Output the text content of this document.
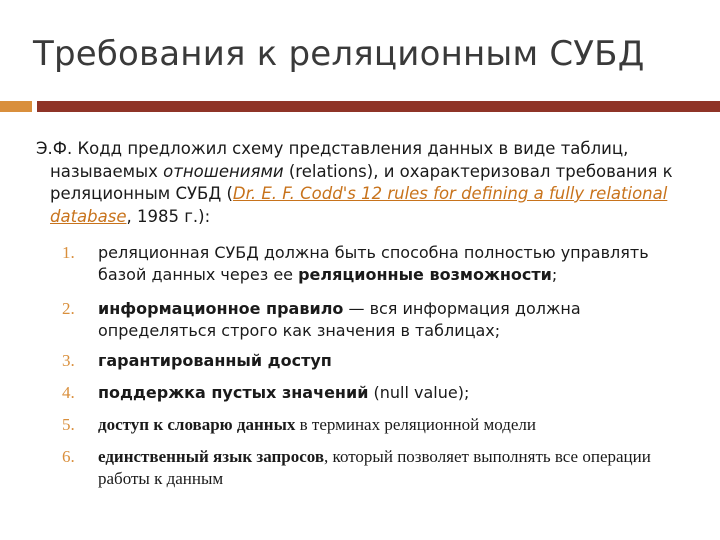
Требования к реляционным СУБД
Э.Ф. Кодд предложил схему представления данных в виде таблиц, называемых отношениями (relations), и охарактеризовал требования к реляционным СУБД (Dr. E. F. Codd's 12 rules for defining a fully relational database, 1985 г.):
1. реляционная СУБД должна быть способна полностью управлять базой данных через ее реляционные возможности;
2. информационное правило — вся информация должна определяться строго как значения в таблицах;
3. гарантированный доступ
4. поддержка пустых значений (null value);
5. доступ к словарю данных в терминах реляционной модели
6. единственный язык запросов, который позволяет выполнять все операции работы к данным
